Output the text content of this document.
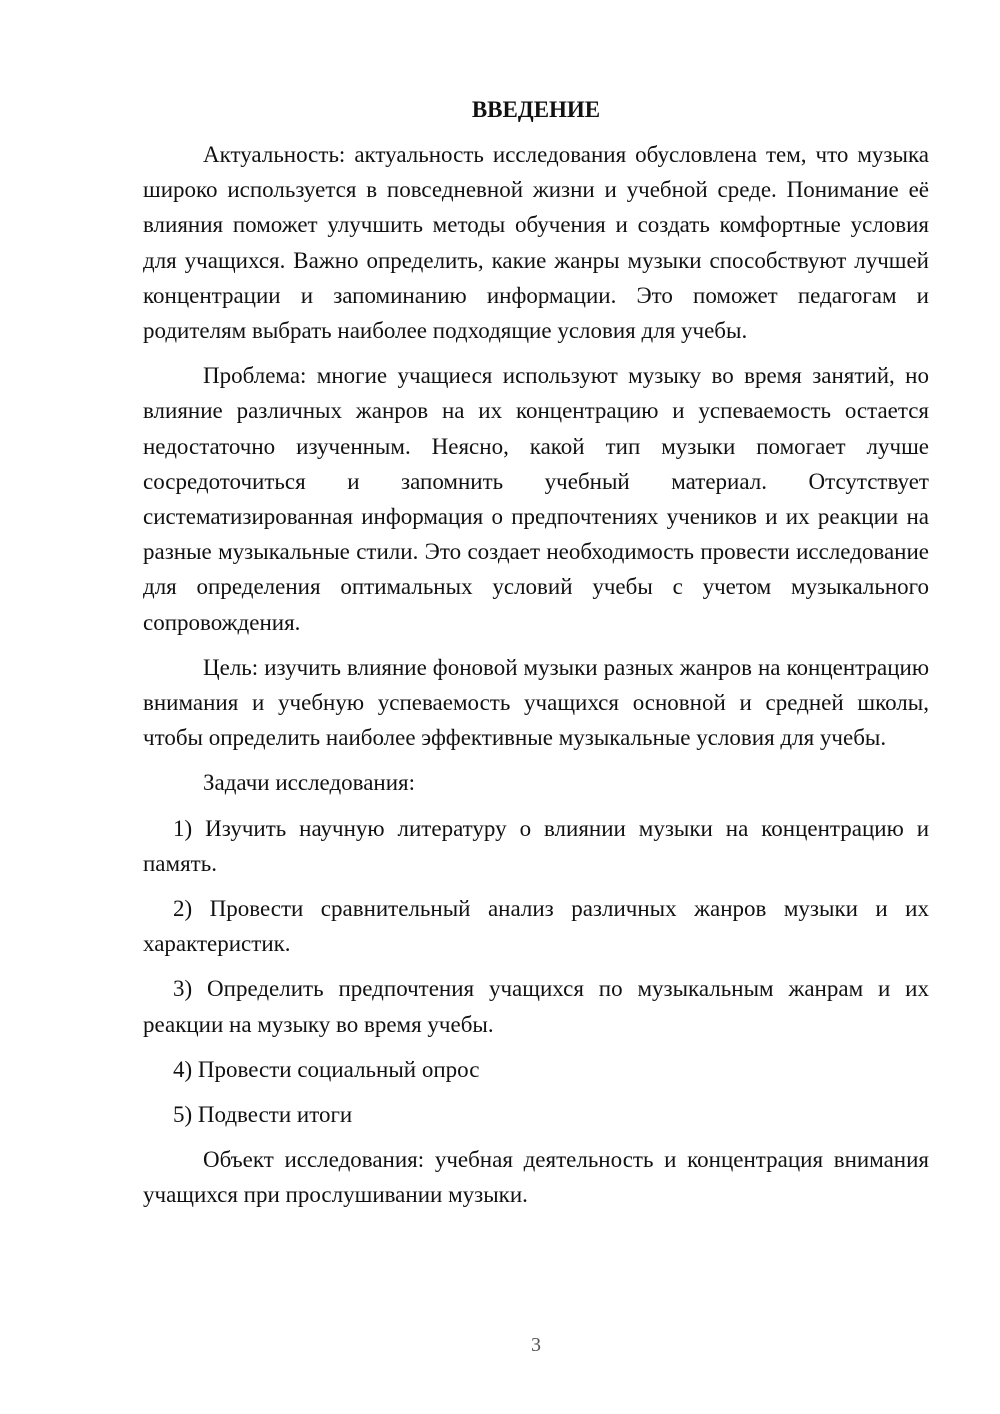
ВВЕДЕНИЕ

Актуальность: актуальность исследования обусловлена тем, что музыка широко используется в повседневной жизни и учебной среде. Понимание её влияния поможет улучшить методы обучения и создать комфортные условия для учащихся. Важно определить, какие жанры музыки способствуют лучшей концентрации и запоминанию информации. Это поможет педагогам и родителям выбрать наиболее подходящие условия для учебы.

Проблема: многие учащиеся используют музыку во время занятий, но влияние различных жанров на их концентрацию и успеваемость остается недостаточно изученным. Неясно, какой тип музыки помогает лучше сосредоточиться и запомнить учебный материал. Отсутствует систематизированная информация о предпочтениях учеников и их реакции на разные музыкальные стили. Это создает необходимость провести исследование для определения оптимальных условий учебы с учетом музыкального сопровождения.

Цель: изучить влияние фоновой музыки разных жанров на концентрацию внимания и учебную успеваемость учащихся основной и средней школы, чтобы определить наиболее эффективные музыкальные условия для учебы.

Задачи исследования:

1) Изучить научную литературу о влиянии музыки на концентрацию и память.

2) Провести сравнительный анализ различных жанров музыки и их характеристик.

3) Определить предпочтения учащихся по музыкальным жанрам и их реакции на музыку во время учебы.

4) Провести социальный опрос

5) Подвести итоги

Объект исследования: учебная деятельность и концентрация внимания учащихся при прослушивании музыки.

3
